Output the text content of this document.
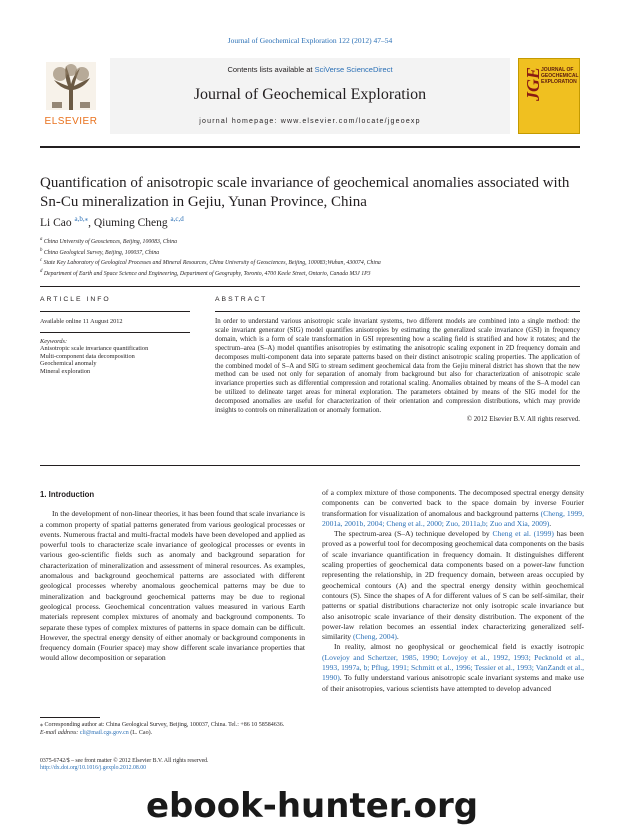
Journal of Geochemical Exploration 122 (2012) 47–54
ELSEVIER
Contents lists available at SciVerse ScienceDirect
Journal of Geochemical Exploration
journal homepage: www.elsevier.com/locate/jgeoexp
JGE
JOURNAL OF GEOCHEMICAL EXPLORATION
Quantification of anisotropic scale invariance of geochemical anomalies associated with Sn-Cu mineralization in Gejiu, Yunan Province, China
Li Cao $^{a,b,⁎}$, Qiuming Cheng $^{a,c,d}$
$^a$ China University of Geosciences, Beijing, 100083, China
$^b$ China Geological Survey, Beijing, 100037, China
$^c$ State Key Laboratory of Geological Processes and Mineral Resources, China University of Geosciences, Beijing, 100083;Wuhan, 430074, China
$^d$ Department of Earth and Space Science and Engineering, Department of Geography, Toronto, 4700 Keele Street, Ontario, Canada M3J 1P3
ARTICLE INFO
Available online 11 August 2012
Keywords:
Anisotropic scale invariance quantification
Multi-component data decomposition
Geochemical anomaly
Mineral exploration
ABSTRACT

In order to understand various anisotropic scale invariant systems, two different models are combined into a single method: the scale invariant generator (SIG) model quantifies anisotropies by estimating the generalized scale invariance (GSI) in frequency domain, which is a form of scale transformation in GSI representing how a scaling field is stratified and how it rotates; and the spectrum–area (S–A) model quantifies anisotropies by estimating the anisotropic scaling exponent in 2D frequency domain and decomposes multi-component data into separate patterns based on their distinct anisotropic scaling properties. The application of the combined model of S–A and SIG to stream sediment geochemical data from the Gejiu mineral district has shown that the new method can be used not only for separation of anomaly from background but also for characterization of anisotropic scale invariance properties such as differential compression and rotational scaling. Anomalies obtained by means of the S–A model can be utilized to delineate target areas for mineral exploration. The parameters obtained by means of the SIG model for the decomposed anomalies are useful for characterization of their orientation and compression distributions, which may provide insights to controls on mineralization or anomaly formation.

© 2012 Elsevier B.V. All rights reserved.

1. Introduction

In the development of non-linear theories, it has been found that scale invariance is a common property of spatial patterns generated from various geological processes or events. Numerous fractal and multi-fractal models have been developed and applied as powerful tools to characterize scale invariance of geological processes or events in various geo-scientific fields such as anomaly and background separation for characterization of mineralization and assessment of mineral resources. As examples, anomalous and background geochemical patterns are associated with different geological processes whereby anomalous geochemical patterns may be due to mineralization and background geochemical patterns may be due to regional geological process. Geochemical concentration values measured in various Earth materials represent complex mixtures of anomaly and background components. To separate these types of complex mixtures of patterns in space domain can be difficult. However, the spectral energy density of either anomaly or background components in frequency domain (Fourier space) may show different scale invariance properties that would allow decomposition or separation

⁎ Corresponding author at: China Geological Survey, Beijing, 100037, China. Tel.: +86 10 58584636.
E-mail address: cli@mail.cgs.gov.cn (L. Cao).
0375-6742/$ – see front matter © 2012 Elsevier B.V. All rights reserved.
http://dx.doi.org/10.1016/j.gexplo.2012.08.00

of a complex mixture of those components. The decomposed spectral energy density components can be converted back to the space domain by inverse Fourier transformation for visualization of anomalous and background patterns (Cheng, 1999, 2001a, 2001b, 2004; Cheng et al., 2000; Zuo, 2011a,b; Zuo and Xia, 2009).

The spectrum-area (S–A) technique developed by Cheng et al. (1999) has been proved as a powerful tool for decomposing geochemical data components on the basis of scale invariance quantification in frequency domain. It distinguishes different scaling properties of geochemical data components based on a power-law function representing the relationship, in 2D frequency domain, between areas occupied by geochemical contours (A) and the spectral energy density within geochemical contours (S). Since the shapes of A for different values of S can be self-similar, their patterns or spatial distributions characterize not only isotropic scale invariance but also anisotropic scale invariance of their density distribution. The exponent of the power-law relation becomes an essential index characterizing generalized self-similarity (Cheng, 2004).

In reality, almost no geophysical or geochemical field is exactly isotropic (Lovejoy and Schertzer, 1985, 1990; Lovejoy et al., 1992, 1993; Pecknold et al., 1993, 1997a, b; Pflug, 1991; Schmitt et al., 1996; Tessier et al., 1993; VanZandt et al., 1990). To fully understand various anisotropic scale invariant systems and make use of their anisotropies, various scientists have attempted to develop advanced

ebook-hunter.org
